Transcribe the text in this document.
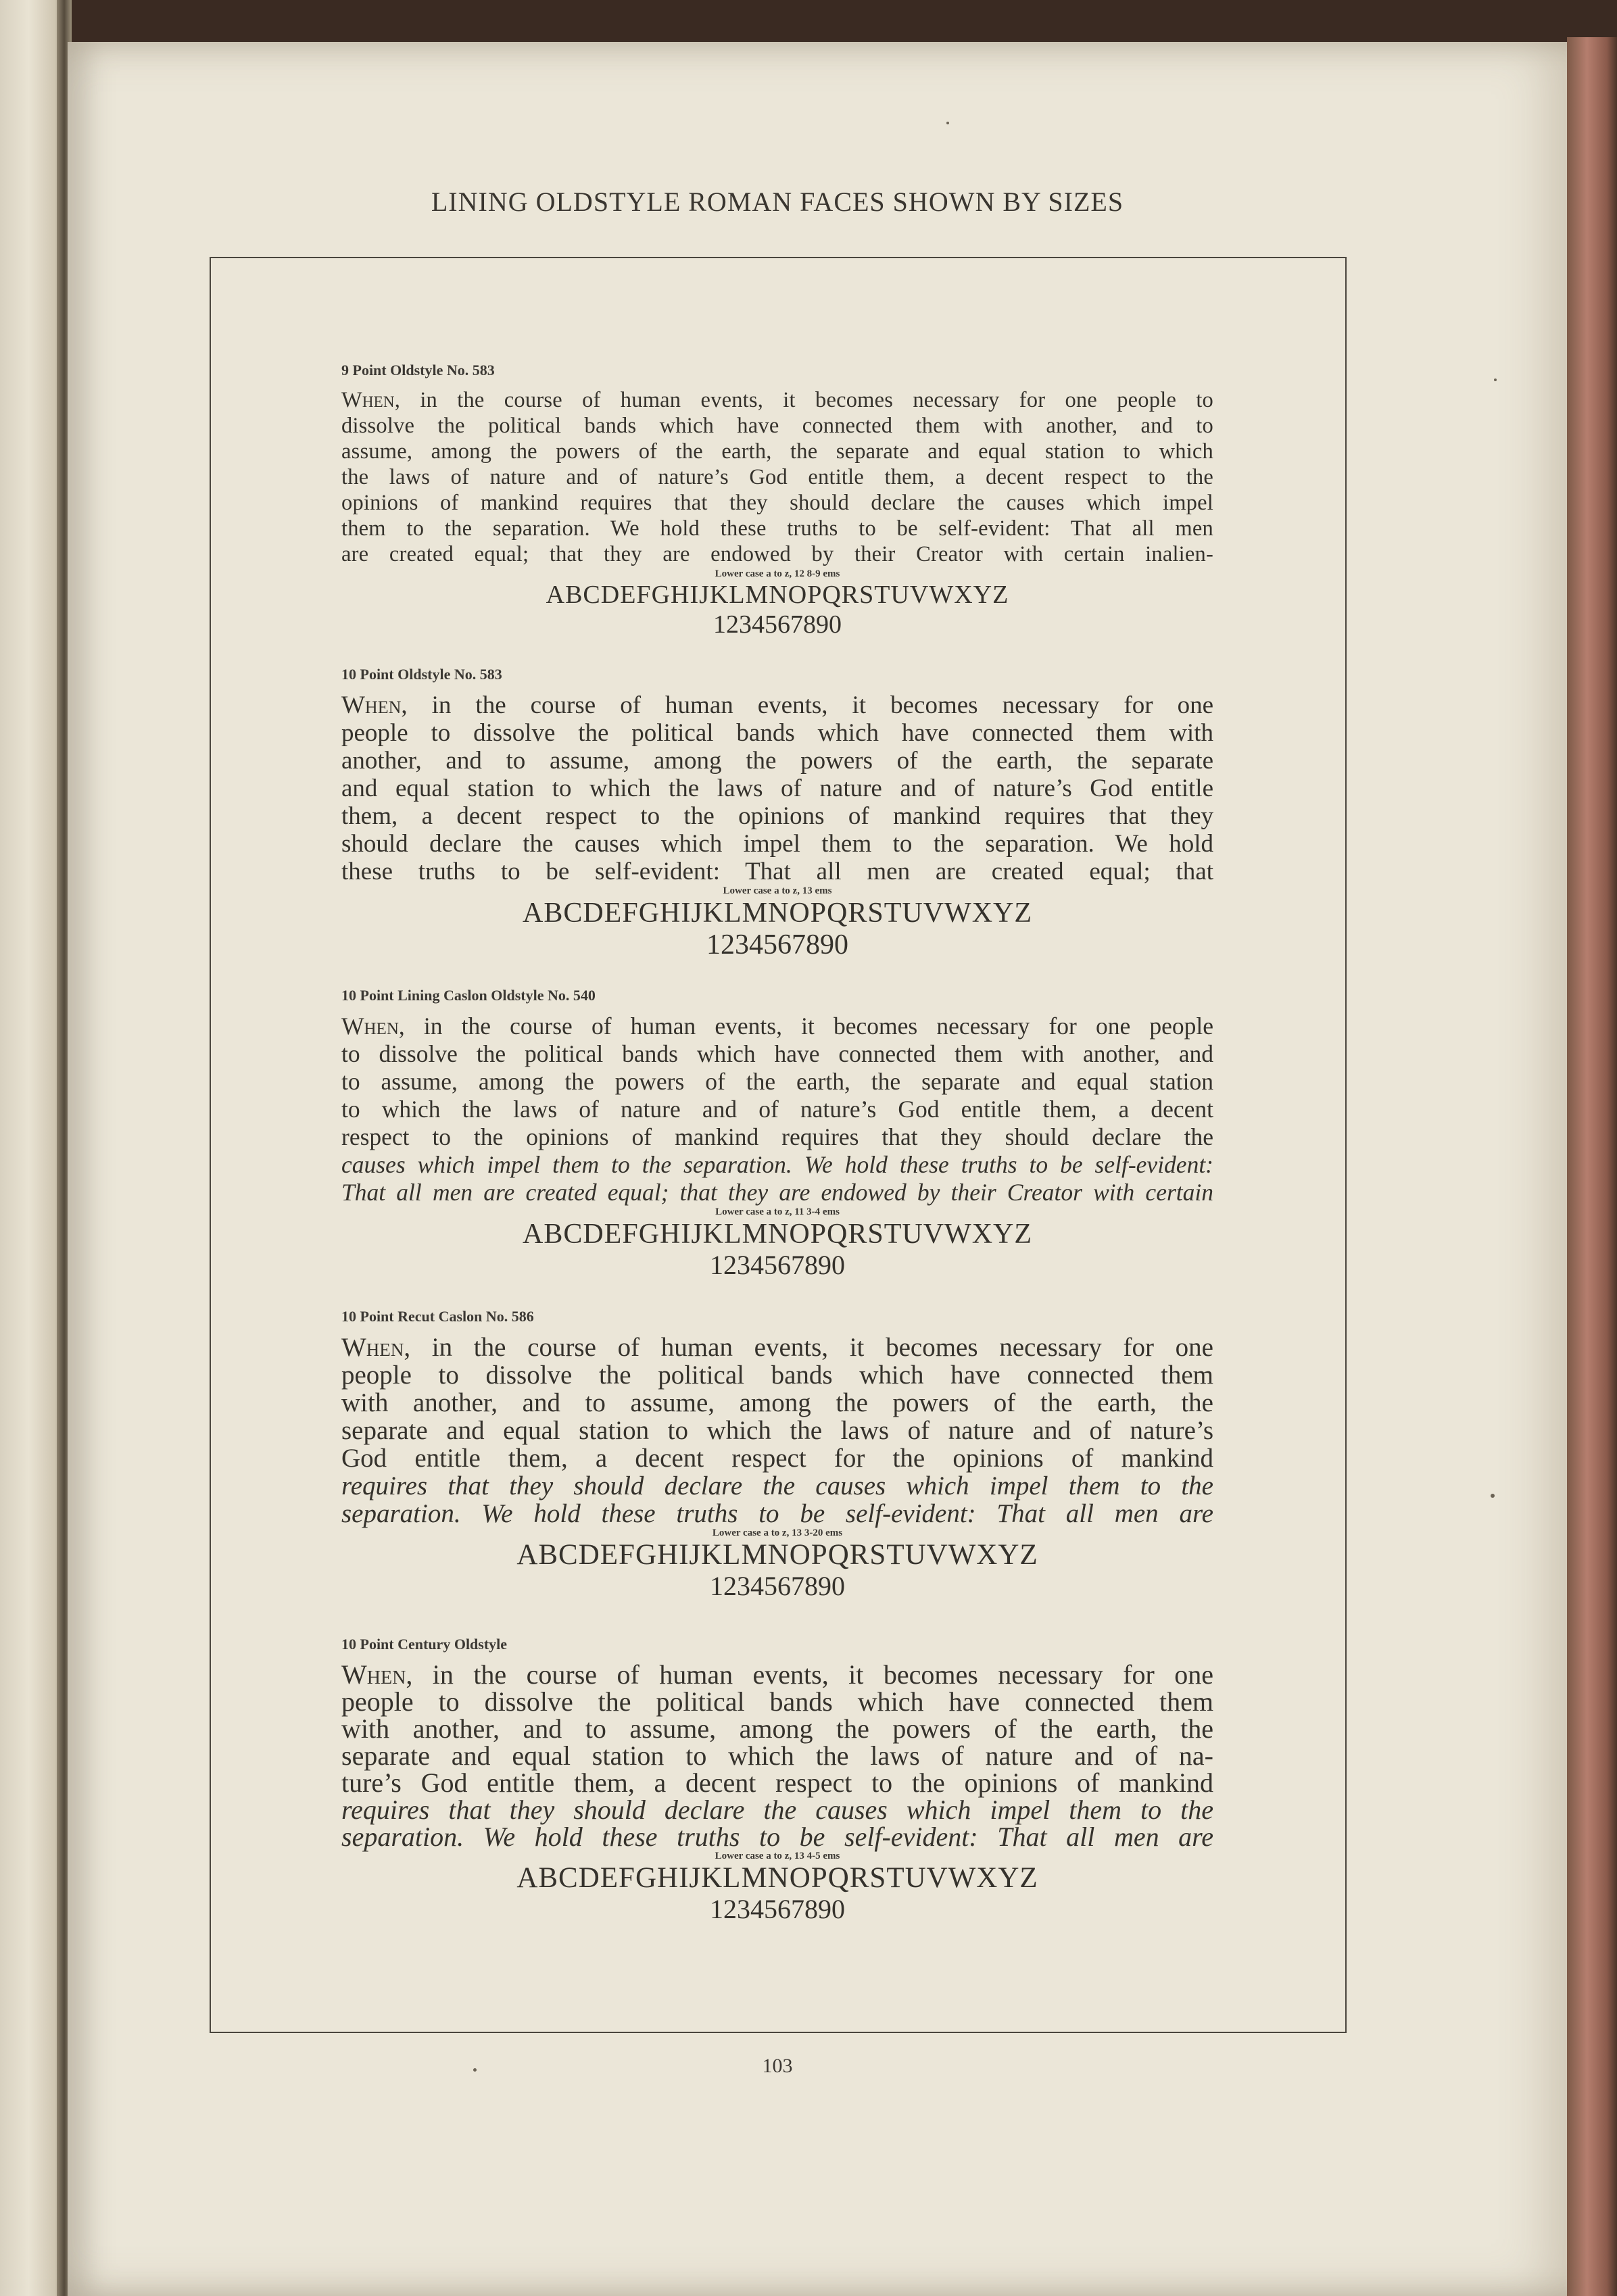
LINING OLDSTYLE ROMAN FACES SHOWN BY SIZES
9 Point Oldstyle No. 583
When, in the course of human events, it becomes necessary for one people to
dissolve the political bands which have connected them with another, and to
assume, among the powers of the earth, the separate and equal station to which
the laws of nature and of nature’s God entitle them, a decent respect to the
opinions of mankind requires that they should declare the causes which impel
them to the separation. We hold these truths to be self-evident: That all men
are created equal; that they are endowed by their Creator with certain inalien-
Lower case a to z, 12 8-9 ems
ABCDEFGHIJKLMNOPQRSTUVWXYZ
1234567890
10 Point Oldstyle No. 583
When, in the course of human events, it becomes necessary for one
people to dissolve the political bands which have connected them with
another, and to assume, among the powers of the earth, the separate
and equal station to which the laws of nature and of nature’s God entitle
them, a decent respect to the opinions of mankind requires that they
should declare the causes which impel them to the separation. We hold
these truths to be self-evident: That all men are created equal; that
Lower case a to z, 13 ems
ABCDEFGHIJKLMNOPQRSTUVWXYZ
1234567890
10 Point Lining Caslon Oldstyle No. 540
When, in the course of human events, it becomes necessary for one people
to dissolve the political bands which have connected them with another, and
to assume, among the powers of the earth, the separate and equal station
to which the laws of nature and of nature’s God entitle them, a decent
respect to the opinions of mankind requires that they should declare the
causes which impel them to the separation. We hold these truths to be self-evident:
That all men are created equal; that they are endowed by their Creator with certain
Lower case a to z, 11 3-4 ems
ABCDEFGHIJKLMNOPQRSTUVWXYZ
1234567890
10 Point Recut Caslon No. 586
When, in the course of human events, it becomes necessary for one
people to dissolve the political bands which have connected them
with another, and to assume, among the powers of the earth, the
separate and equal station to which the laws of nature and of nature’s
God entitle them, a decent respect for the opinions of mankind
requires that they should declare the causes which impel them to the
separation. We hold these truths to be self-evident: That all men are
Lower case a to z, 13 3-20 ems
ABCDEFGHIJKLMNOPQRSTUVWXYZ
1234567890
10 Point Century Oldstyle
When, in the course of human events, it becomes necessary for one
people to dissolve the political bands which have connected them
with another, and to assume, among the powers of the earth, the
separate and equal station to which the laws of nature and of na-
ture’s God entitle them, a decent respect to the opinions of mankind
requires that they should declare the causes which impel them to the
separation. We hold these truths to be self-evident: That all men are
Lower case a to z, 13 4-5 ems
ABCDEFGHIJKLMNOPQRSTUVWXYZ
1234567890
103
